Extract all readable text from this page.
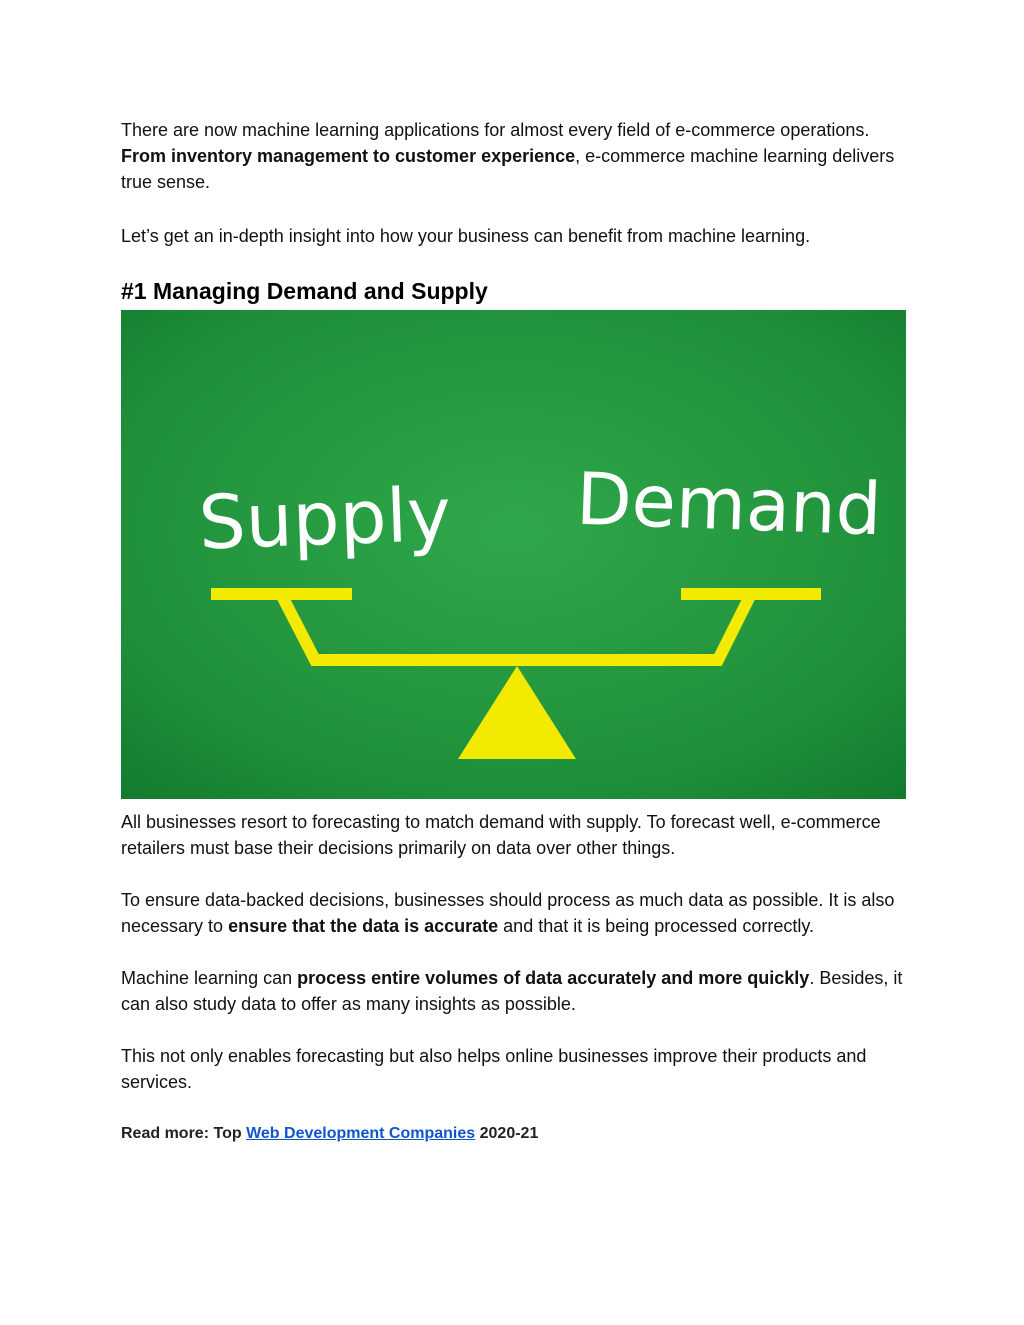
There are now machine learning applications for almost every field of e-commerce operations. From inventory management to customer experience, e-commerce machine learning delivers true sense.

Let’s get an in-depth insight into how your business can benefit from machine learning.

#1 Managing Demand and Supply
Supply Demand

All businesses resort to forecasting to match demand with supply. To forecast well, e-commerce retailers must base their decisions primarily on data over other things.

To ensure data-backed decisions, businesses should process as much data as possible. It is also necessary to ensure that the data is accurate and that it is being processed correctly.

Machine learning can process entire volumes of data accurately and more quickly. Besides, it can also study data to offer as many insights as possible.

This not only enables forecasting but also helps online businesses improve their products and services.

Read more: Top Web Development Companies 2020-21
